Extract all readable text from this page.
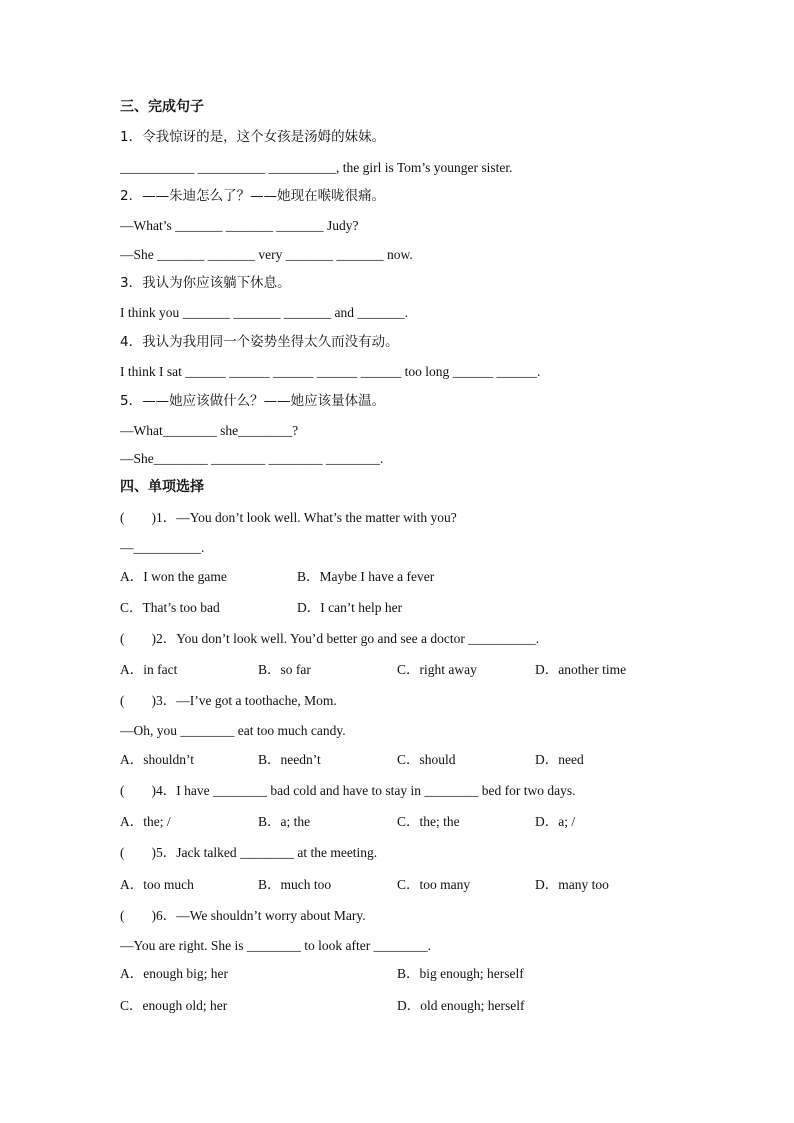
三、完成句子
1．令我惊讶的是，这个女孩是汤姆的妹妹。
___________ __________ __________, the girl is Tom’s younger sister.
2．——朱迪怎么了？——她现在喉咙很痛。
—What’s _______ _______ _______ Judy?
—She _______ _______ very _______ _______ now.
3．我认为你应该躺下休息。
I think you _______ _______ _______ and _______.
4．我认为我用同一个姿势坐得太久而没有动。
I think I sat ______ ______ ______ ______ ______ too long ______ ______.
5．——她应该做什么？——她应该量体温。
—What________ she________?
—She________ ________ ________ ________.
四、单项选择
(　　)1．—You don’t look well. What’s the matter with you?
—__________.
A．I won the game	B．Maybe I have a fever
C．That’s too bad	D．I can’t help her
(　　)2．You don’t look well. You’d better go and see a doctor __________.
A．in fact	B．so far	C．right away	D．another time
(　　)3．—I’ve got a toothache, Mom.
—Oh, you ________ eat too much candy.
A．shouldn’t	B．needn’t	C．should	D．need
(　　)4．I have ________ bad cold and have to stay in ________ bed for two days.
A．the; /	B．a; the	C．the; the	D．a; /
(　　)5．Jack talked ________ at the meeting.
A．too much	B．much too	C．too many	D．many too
(　　)6．—We shouldn’t worry about Mary.
—You are right. She is ________ to look after ________.
A．enough big; her	B．big enough; herself
C．enough old; her	D．old enough; herself
